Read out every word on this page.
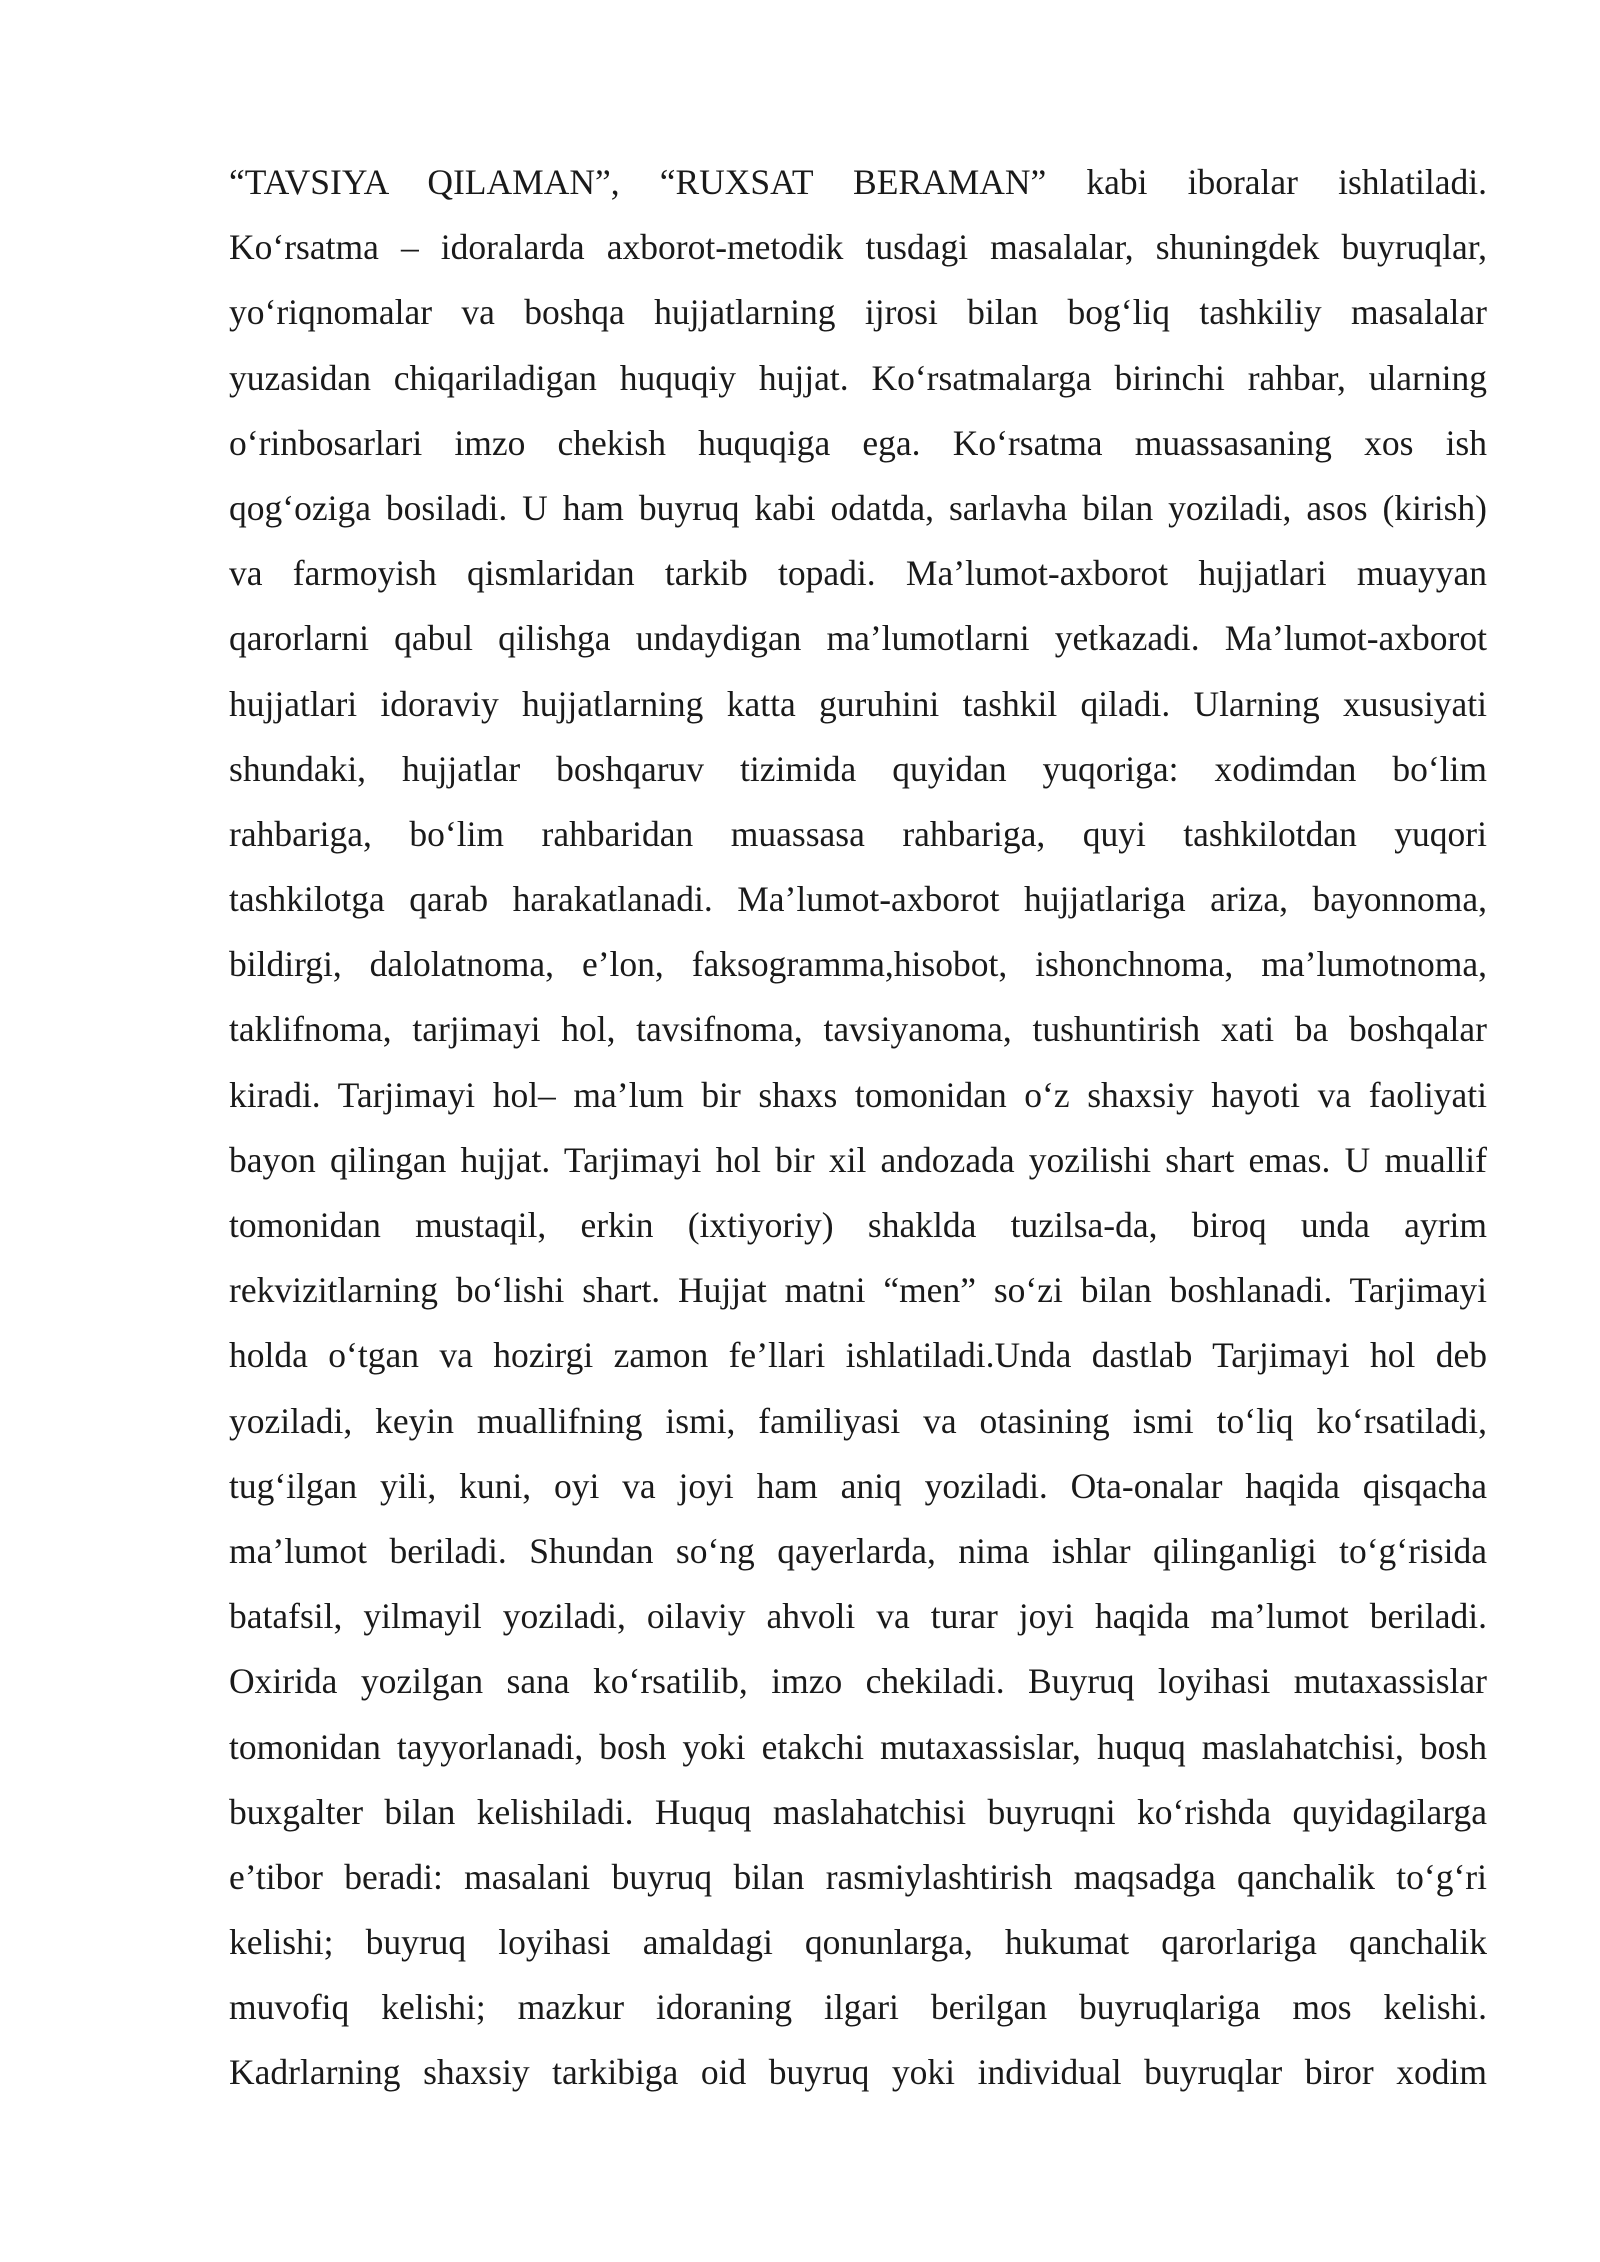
“TAVSIYA QILAMAN”, “RUXSAT BERAMAN” kabi iboralar ishlatiladi.
Ko‘rsatma – idoralarda axborot-metodik tusdagi masalalar, shuningdek buyruqlar,
yo‘riqnomalar va boshqa hujjatlarning ijrosi bilan bog‘liq tashkiliy masalalar
yuzasidan chiqariladigan huquqiy hujjat. Ko‘rsatmalarga birinchi rahbar, ularning
o‘rinbosarlari imzo chekish huquqiga ega. Ko‘rsatma muassasaning xos ish
qog‘oziga bosiladi. U ham buyruq kabi odatda, sarlavha bilan yoziladi, asos (kirish)
va farmoyish qismlaridan tarkib topadi. Ma’lumot-axborot hujjatlari muayyan
qarorlarni qabul qilishga undaydigan ma’lumotlarni yetkazadi. Ma’lumot-axborot
hujjatlari idoraviy hujjatlarning katta guruhini tashkil qiladi. Ularning xususiyati
shundaki, hujjatlar boshqaruv tizimida quyidan yuqoriga: xodimdan bo‘lim
rahbariga, bo‘lim rahbaridan muassasa rahbariga, quyi tashkilotdan yuqori
tashkilotga qarab harakatlanadi. Ma’lumot-axborot hujjatlariga ariza, bayonnoma,
bildirgi, dalolatnoma, e’lon, faksogramma,hisobot, ishonchnoma, ma’lumotnoma,
taklifnoma, tarjimayi hol, tavsifnoma, tavsiyanoma, tushuntirish xati ba boshqalar
kiradi. Tarjimayi hol– ma’lum bir shaxs tomonidan o‘z shaxsiy hayoti va faoliyati
bayon qilingan hujjat. Tarjimayi hol bir xil andozada yozilishi shart emas. U muallif
tomonidan mustaqil, erkin (ixtiyoriy) shaklda tuzilsa-da, biroq unda ayrim
rekvizitlarning bo‘lishi shart. Hujjat matni “men” so‘zi bilan boshlanadi. Tarjimayi
holda o‘tgan va hozirgi zamon fe’llari ishlatiladi.Unda dastlab Tarjimayi hol deb
yoziladi, keyin muallifning ismi, familiyasi va otasining ismi to‘liq ko‘rsatiladi,
tug‘ilgan yili, kuni, oyi va joyi ham aniq yoziladi. Ota-onalar haqida qisqacha
ma’lumot beriladi. Shundan so‘ng qayerlarda, nima ishlar qilinganligi to‘g‘risida
batafsil, yilmayil yoziladi, oilaviy ahvoli va turar joyi haqida ma’lumot beriladi.
Oxirida yozilgan sana ko‘rsatilib, imzo chekiladi. Buyruq loyihasi mutaxassislar
tomonidan tayyorlanadi, bosh yoki etakchi mutaxassislar, huquq maslahatchisi, bosh
buxgalter bilan kelishiladi. Huquq maslahatchisi buyruqni ko‘rishda quyidagilarga
e’tibor beradi: masalani buyruq bilan rasmiylashtirish maqsadga qanchalik to‘g‘ri
kelishi; buyruq loyihasi amaldagi qonunlarga, hukumat qarorlariga qanchalik
muvofiq kelishi; mazkur idoraning ilgari berilgan buyruqlariga mos kelishi.
Kadrlarning shaxsiy tarkibiga oid buyruq yoki individual buyruqlar biror xodim
